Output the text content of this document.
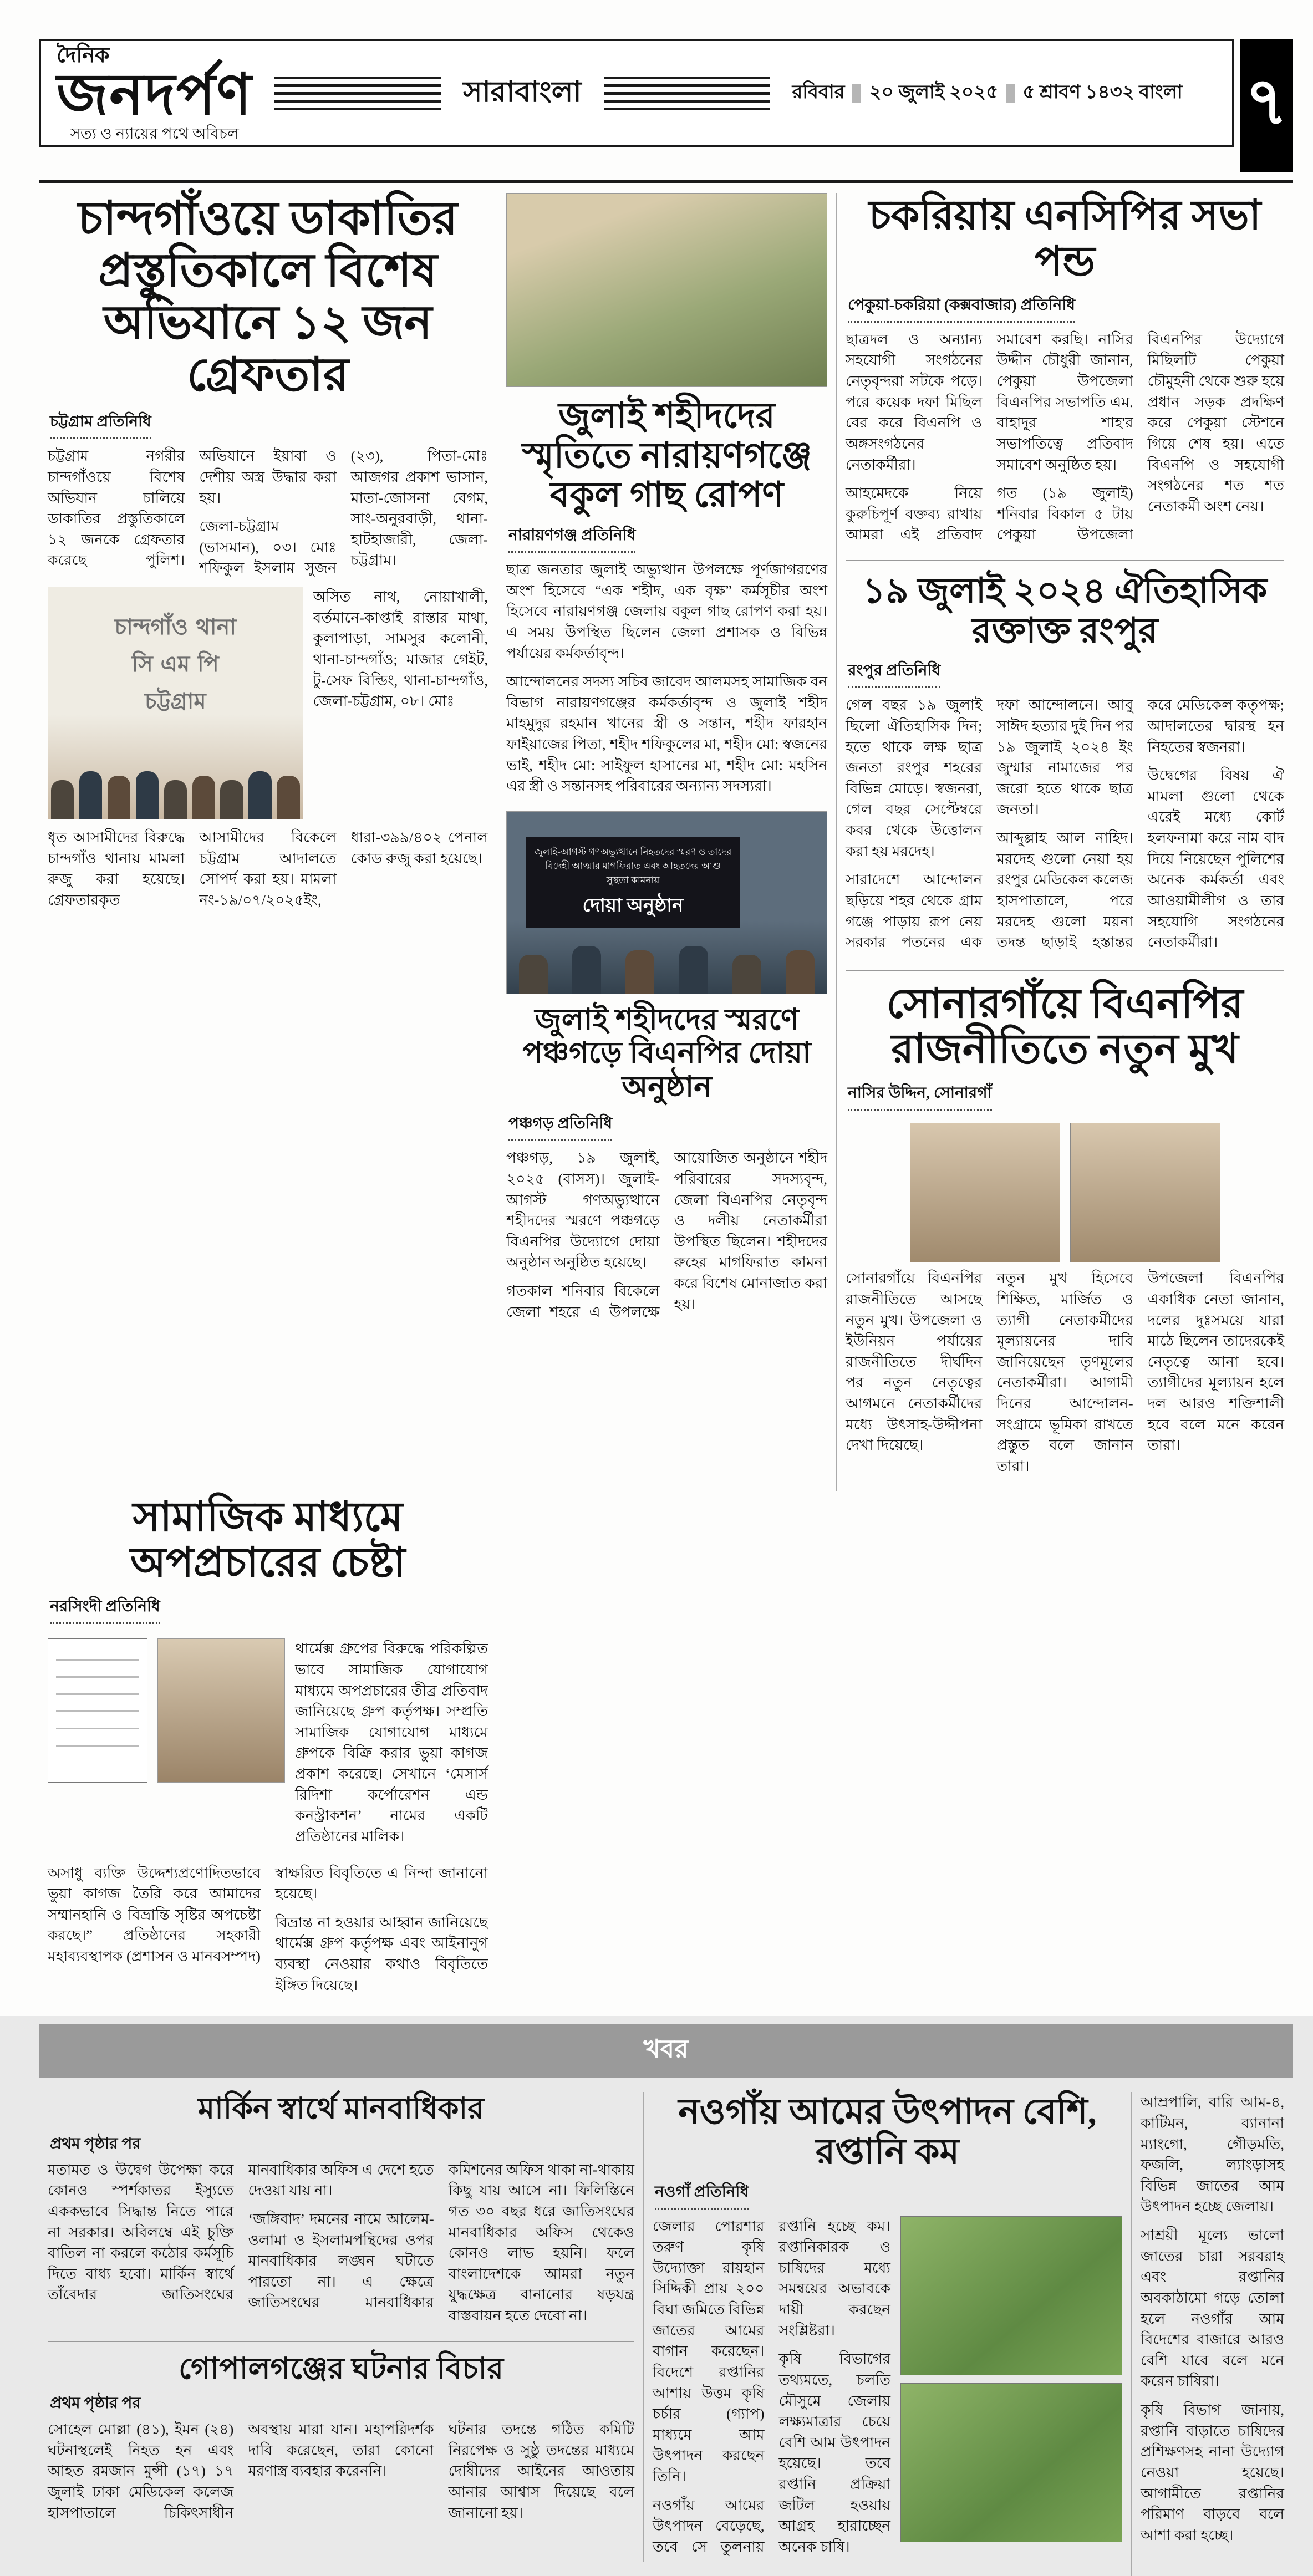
দৈনিক
জনদর্পণ
সত্য ও ন্যায়ের পথে অবিচল
সারাবাংলা	রবিবার ২০ জুলাই ২০২৫ ৫ শ্রাবণ ১৪৩২ বাংলা ৭
চান্দগাঁওয়ে ডাকাতির প্রস্তুতিকালে বিশেষ অভিযানে ১২ জন গ্রেফতার
চট্টগ্রাম প্রতিনিধি

চট্টগ্রাম নগরীর চান্দগাঁওয়ে বিশেষ অভিযান চালিয়ে ডাকাতির প্রস্তুতিকালে ১২ জনকে গ্রেফতার করেছে পুলিশ। অভিযানে ইয়াবা ও দেশীয় অস্ত্র উদ্ধার করা হয়।

জেলা-চট্টগ্রাম (ভাসমান), ০৩। মোঃ শফিকুল ইসলাম সুজন (২৩), পিতা-মোঃ আজগর প্রকাশ ভাসান, মাতা-জোসনা বেগম, সাং-অনুরবাড়ী, থানা-হাটহাজারী, জেলা-চট্টগ্রাম।

চান্দগাঁও থানা
সি এম পি চট্টগ্রাম

অসিত নাথ, নোয়াখালী, বর্তমানে-কাপ্তাই রাস্তার মাথা, কুলাপাড়া, সামসুর কলোনী, থানা-চান্দগাঁও; মাজার গেইট, টু-সেফ বিল্ডিং, থানা-চান্দগাঁও, জেলা-চট্টগ্রাম, ০৮। মোঃ

ধৃত আসামীদের বিরুদ্ধে চান্দগাঁও থানায় মামলা রুজু করা হয়েছে। গ্রেফতারকৃত আসামীদের বিকেলে চট্টগ্রাম আদালতে সোপর্দ করা হয়। মামলা নং-১৯/০৭/২০২৫ইং, ধারা-৩৯৯/৪০২ পেনাল কোড রুজু করা হয়েছে।

জুলাই শহীদদের স্মৃতিতে নারায়ণগঞ্জে বকুল গাছ রোপণ
নারায়ণগঞ্জ প্রতিনিধি

ছাত্র জনতার জুলাই অভ্যুত্থান উপলক্ষে পূর্ণজাগরণের অংশ হিসেবে “এক শহীদ, এক বৃক্ষ” কর্মসূচীর অংশ হিসেবে নারায়ণগঞ্জ জেলায় বকুল গাছ রোপণ করা হয়। এ সময় উপস্থিত ছিলেন জেলা প্রশাসক ও বিভিন্ন পর্যায়ের কর্মকর্তাবৃন্দ।

আন্দোলনের সদস্য সচিব জাবেদ আলমসহ সামাজিক বন বিভাগ নারায়ণগঞ্জের কর্মকর্তাবৃন্দ ও জুলাই শহীদ মাহমুদুর রহমান খানের স্ত্রী ও সন্তান, শহীদ ফারহান ফাইয়াজের পিতা, শহীদ শফিকুলের মা, শহীদ মো: স্বজনের ভাই, শহীদ মো: সাইফুল হাসানের মা, শহীদ মো: মহসিন এর স্ত্রী ও সন্তানসহ পরিবারের অন্যান্য সদস্যরা।

জুলাই-আগস্ট গণঅভ্যুত্থানে নিহতদের স্মরণ ও তাদের বিদেহী আত্মার মাগফিরাত এবং আহতদের আশু সুস্থতা কামনায়
দোয়া অনুষ্ঠান
জুলাই শহীদদের স্মরণে পঞ্চগড়ে বিএনপির দোয়া অনুষ্ঠান
পঞ্চগড় প্রতিনিধি

পঞ্চগড়, ১৯ জুলাই, ২০২৫ (বাসস)। জুলাই-আগস্ট গণঅভ্যুত্থানে শহীদদের স্মরণে পঞ্চগড়ে বিএনপির উদ্যোগে দোয়া অনুষ্ঠান অনুষ্ঠিত হয়েছে।

গতকাল শনিবার বিকেলে জেলা শহরে এ উপলক্ষে আয়োজিত অনুষ্ঠানে শহীদ পরিবারের সদস্যবৃন্দ, জেলা বিএনপির নেতৃবৃন্দ ও দলীয় নেতাকর্মীরা উপস্থিত ছিলেন। শহীদদের রুহের মাগফিরাত কামনা করে বিশেষ মোনাজাত করা হয়।

চকরিয়ায় এনসিপির সভা পন্ড
পেকুয়া-চকরিয়া (কক্সবাজার) প্রতিনিধি

ছাত্রদল ও অন্যান্য সহযোগী সংগঠনের নেতৃবৃন্দরা সটকে পড়ে। পরে কয়েক দফা মিছিল বের করে বিএনপি ও অঙ্গসংগঠনের নেতাকর্মীরা।

আহমেদকে নিয়ে কুরুচিপূর্ণ বক্তব্য রাখায় আমরা এই প্রতিবাদ সমাবেশ করছি। নাসির উদ্দীন চৌধুরী জানান, পেকুয়া উপজেলা বিএনপির সভাপতি এম. বাহাদুর শাহ'র সভাপতিত্বে প্রতিবাদ সমাবেশ অনুষ্ঠিত হয়।

গত (১৯ জুলাই) শনিবার বিকাল ৫ টায় পেকুয়া উপজেলা বিএনপির উদ্যোগে মিছিলটি পেকুয়া চৌমুহনী থেকে শুরু হয়ে প্রধান সড়ক প্রদক্ষিণ করে পেকুয়া স্টেশনে গিয়ে শেষ হয়। এতে বিএনপি ও সহযোগী সংগঠনের শত শত নেতাকর্মী অংশ নেয়।

১৯ জুলাই ২০২৪ ঐতিহাসিক রক্তাক্ত রংপুর
রংপুর প্রতিনিধি

গেল বছর ১৯ জুলাই ছিলো ঐতিহাসিক দিন; হতে থাকে লক্ষ ছাত্র জনতা রংপুর শহরের বিভিন্ন মোড়ে। স্বজনরা, গেল বছর সেপ্টেম্বরে কবর থেকে উত্তোলন করা হয় মরদেহ।

সারাদেশে আন্দোলন ছড়িয়ে শহর থেকে গ্রাম গঞ্জে পাড়ায় রূপ নেয় সরকার পতনের এক দফা আন্দোলনে। আবু সাঈদ হত্যার দুই দিন পর ১৯ জুলাই ২০২৪ ইং জুম্মার নামাজের পর জরো হতে থাকে ছাত্র জনতা।

আব্দুল্লাহ আল নাহিদ। মরদেহ গুলো নেয়া হয় রংপুর মেডিকেল কলেজ হাসপাতালে, পরে মরদেহ গুলো ময়না তদন্ত ছাড়াই হস্তান্তর করে মেডিকেল কতৃপক্ষ; আদালতের দ্বারস্থ হন নিহতের স্বজনরা।

উদ্বেগের বিষয় ঐ মামলা গুলো থেকে এরেই মধ্যে কোর্ট হলফনামা করে নাম বাদ দিয়ে নিয়েছেন পুলিশের অনেক কর্মকর্তা এবং আওয়ামীলীগ ও তার সহযোগি সংগঠনের নেতাকর্মীরা।

সোনারগাঁয়ে বিএনপির রাজনীতিতে নতুন মুখ
নাসির উদ্দিন, সোনারগাঁ

সোনারগাঁয়ে বিএনপির রাজনীতিতে আসছে নতুন মুখ। উপজেলা ও ইউনিয়ন পর্যায়ের রাজনীতিতে দীর্ঘদিন পর নতুন নেতৃত্বের আগমনে নেতাকর্মীদের মধ্যে উৎসাহ-উদ্দীপনা দেখা দিয়েছে।

নতুন মুখ হিসেবে শিক্ষিত, মার্জিত ও ত্যাগী নেতাকর্মীদের মূল্যায়নের দাবি জানিয়েছেন তৃণমূলের নেতাকর্মীরা। আগামী দিনের আন্দোলন-সংগ্রামে ভূমিকা রাখতে প্রস্তুত বলে জানান তারা।

উপজেলা বিএনপির একাধিক নেতা জানান, দলের দুঃসময়ে যারা মাঠে ছিলেন তাদেরকেই নেতৃত্বে আনা হবে। ত্যাগীদের মূল্যায়ন হলে দল আরও শক্তিশালী হবে বলে মনে করেন তারা।

সামাজিক মাধ্যমে অপপ্রচারের চেষ্টা
নরসিংদী প্রতিনিধি

থার্মেক্স গ্রুপের বিরুদ্ধে পরিকল্পিত ভাবে সামাজিক যোগাযোগ মাধ্যমে অপপ্রচারের তীব্র প্রতিবাদ জানিয়েছে গ্রুপ কর্তৃপক্ষ। সম্প্রতি সামাজিক যোগাযোগ মাধ্যমে গ্রুপকে বিক্রি করার ভুয়া কাগজ প্রকাশ করেছে। সেখানে ‘মেসার্স রিদিশা কর্পোরেশন এন্ড কনস্ট্রাকশন’ নামের একটি প্রতিষ্ঠানের মালিক।

অসাধু ব্যক্তি উদ্দেশ্যপ্রণোদিতভাবে ভুয়া কাগজ তৈরি করে আমাদের সম্মানহানি ও বিভ্রান্তি সৃষ্টির অপচেষ্টা করছে।” প্রতিষ্ঠানের সহকারী মহাব্যবস্থাপক (প্রশাসন ও মানবসম্পদ) স্বাক্ষরিত বিবৃতিতে এ নিন্দা জানানো হয়েছে।

বিভ্রান্ত না হওয়ার আহ্বান জানিয়েছে থার্মেক্স গ্রুপ কর্তৃপক্ষ এবং আইনানুগ ব্যবস্থা নেওয়ার কথাও বিবৃতিতে ইঙ্গিত দিয়েছে।

খবর
মার্কিন স্বার্থে মানবাধিকার
প্রথম পৃষ্ঠার পর

মতামত ও উদ্বেগ উপেক্ষা করে কোনও স্পর্শকাতর ইস্যুতে এককভাবে সিদ্ধান্ত নিতে পারে না সরকার। অবিলম্বে এই চুক্তি বাতিল না করলে কঠোর কর্মসূচি দিতে বাধ্য হবো। মার্কিন স্বার্থে তাঁবেদার জাতিসংঘের মানবাধিকার অফিস এ দেশে হতে দেওয়া যায় না।

‘জঙ্গিবাদ’ দমনের নামে আলেম-ওলামা ও ইসলামপন্থিদের ওপর মানবাধিকার লঙ্ঘন ঘটাতে পারতো না। এ ক্ষেত্রে জাতিসংঘের মানবাধিকার কমিশনের অফিস থাকা না-থাকায় কিছু যায় আসে না। ফিলিস্তিনে গত ৩০ বছর ধরে জাতিসংঘের মানবাধিকার অফিস থেকেও কোনও লাভ হয়নি। ফলে বাংলাদেশকে আমরা নতুন যুদ্ধক্ষেত্র বানানোর ষড়যন্ত্র বাস্তবায়ন হতে দেবো না।

গোপালগঞ্জের ঘটনার বিচার
প্রথম পৃষ্ঠার পর

সোহেল মোল্লা (৪১), ইমন (২৪) ঘটনাস্থলেই নিহত হন এবং আহত রমজান মুন্সী (১৭) ১৭ জুলাই ঢাকা মেডিকেল কলেজ হাসপাতালে চিকিৎসাধীন অবস্থায় মারা যান। মহাপরিদর্শক দাবি করেছেন, তারা কোনো মরণাস্ত্র ব্যবহার করেননি।

ঘটনার তদন্তে গঠিত কমিটি নিরপেক্ষ ও সুষ্ঠু তদন্তের মাধ্যমে দোষীদের আইনের আওতায় আনার আশ্বাস দিয়েছে বলে জানানো হয়।

নওগাঁয় আমের উৎপাদন বেশি, রপ্তানি কম
নওগাঁ প্রতিনিধি

জেলার পোরশার তরুণ কৃষি উদ্যোক্তা রায়হান সিদ্দিকী প্রায় ২০০ বিঘা জমিতে বিভিন্ন জাতের আমের বাগান করেছেন। বিদেশে রপ্তানির আশায় উত্তম কৃষি চর্চার (গ্যাপ) মাধ্যমে আম উৎপাদন করছেন তিনি।

নওগাঁয় আমের উৎপাদন বেড়েছে, তবে সে তুলনায় রপ্তানি হচ্ছে কম। রপ্তানিকারক ও চাষিদের মধ্যে সমন্বয়ের অভাবকে দায়ী করছেন সংশ্লিষ্টরা।

কৃষি বিভাগের তথ্যমতে, চলতি মৌসুমে জেলায় লক্ষ্যমাত্রার চেয়ে বেশি আম উৎপাদন হয়েছে। তবে রপ্তানি প্রক্রিয়া জটিল হওয়ায় আগ্রহ হারাচ্ছেন অনেক চাষি।

আম্রপালি, বারি আম-৪, কাটিমন, ব্যানানা ম্যাংগো, গৌড়মতি, ফজলি, ল্যাংড়াসহ বিভিন্ন জাতের আম উৎপাদন হচ্ছে জেলায়।

সাশ্রয়ী মূল্যে ভালো জাতের চারা সরবরাহ এবং রপ্তানির অবকাঠামো গড়ে তোলা হলে নওগাঁর আম বিদেশের বাজারে আরও বেশি যাবে বলে মনে করেন চাষিরা।

কৃষি বিভাগ জানায়, রপ্তানি বাড়াতে চাষিদের প্রশিক্ষণসহ নানা উদ্যোগ নেওয়া হয়েছে। আগামীতে রপ্তানির পরিমাণ বাড়বে বলে আশা করা হচ্ছে।
